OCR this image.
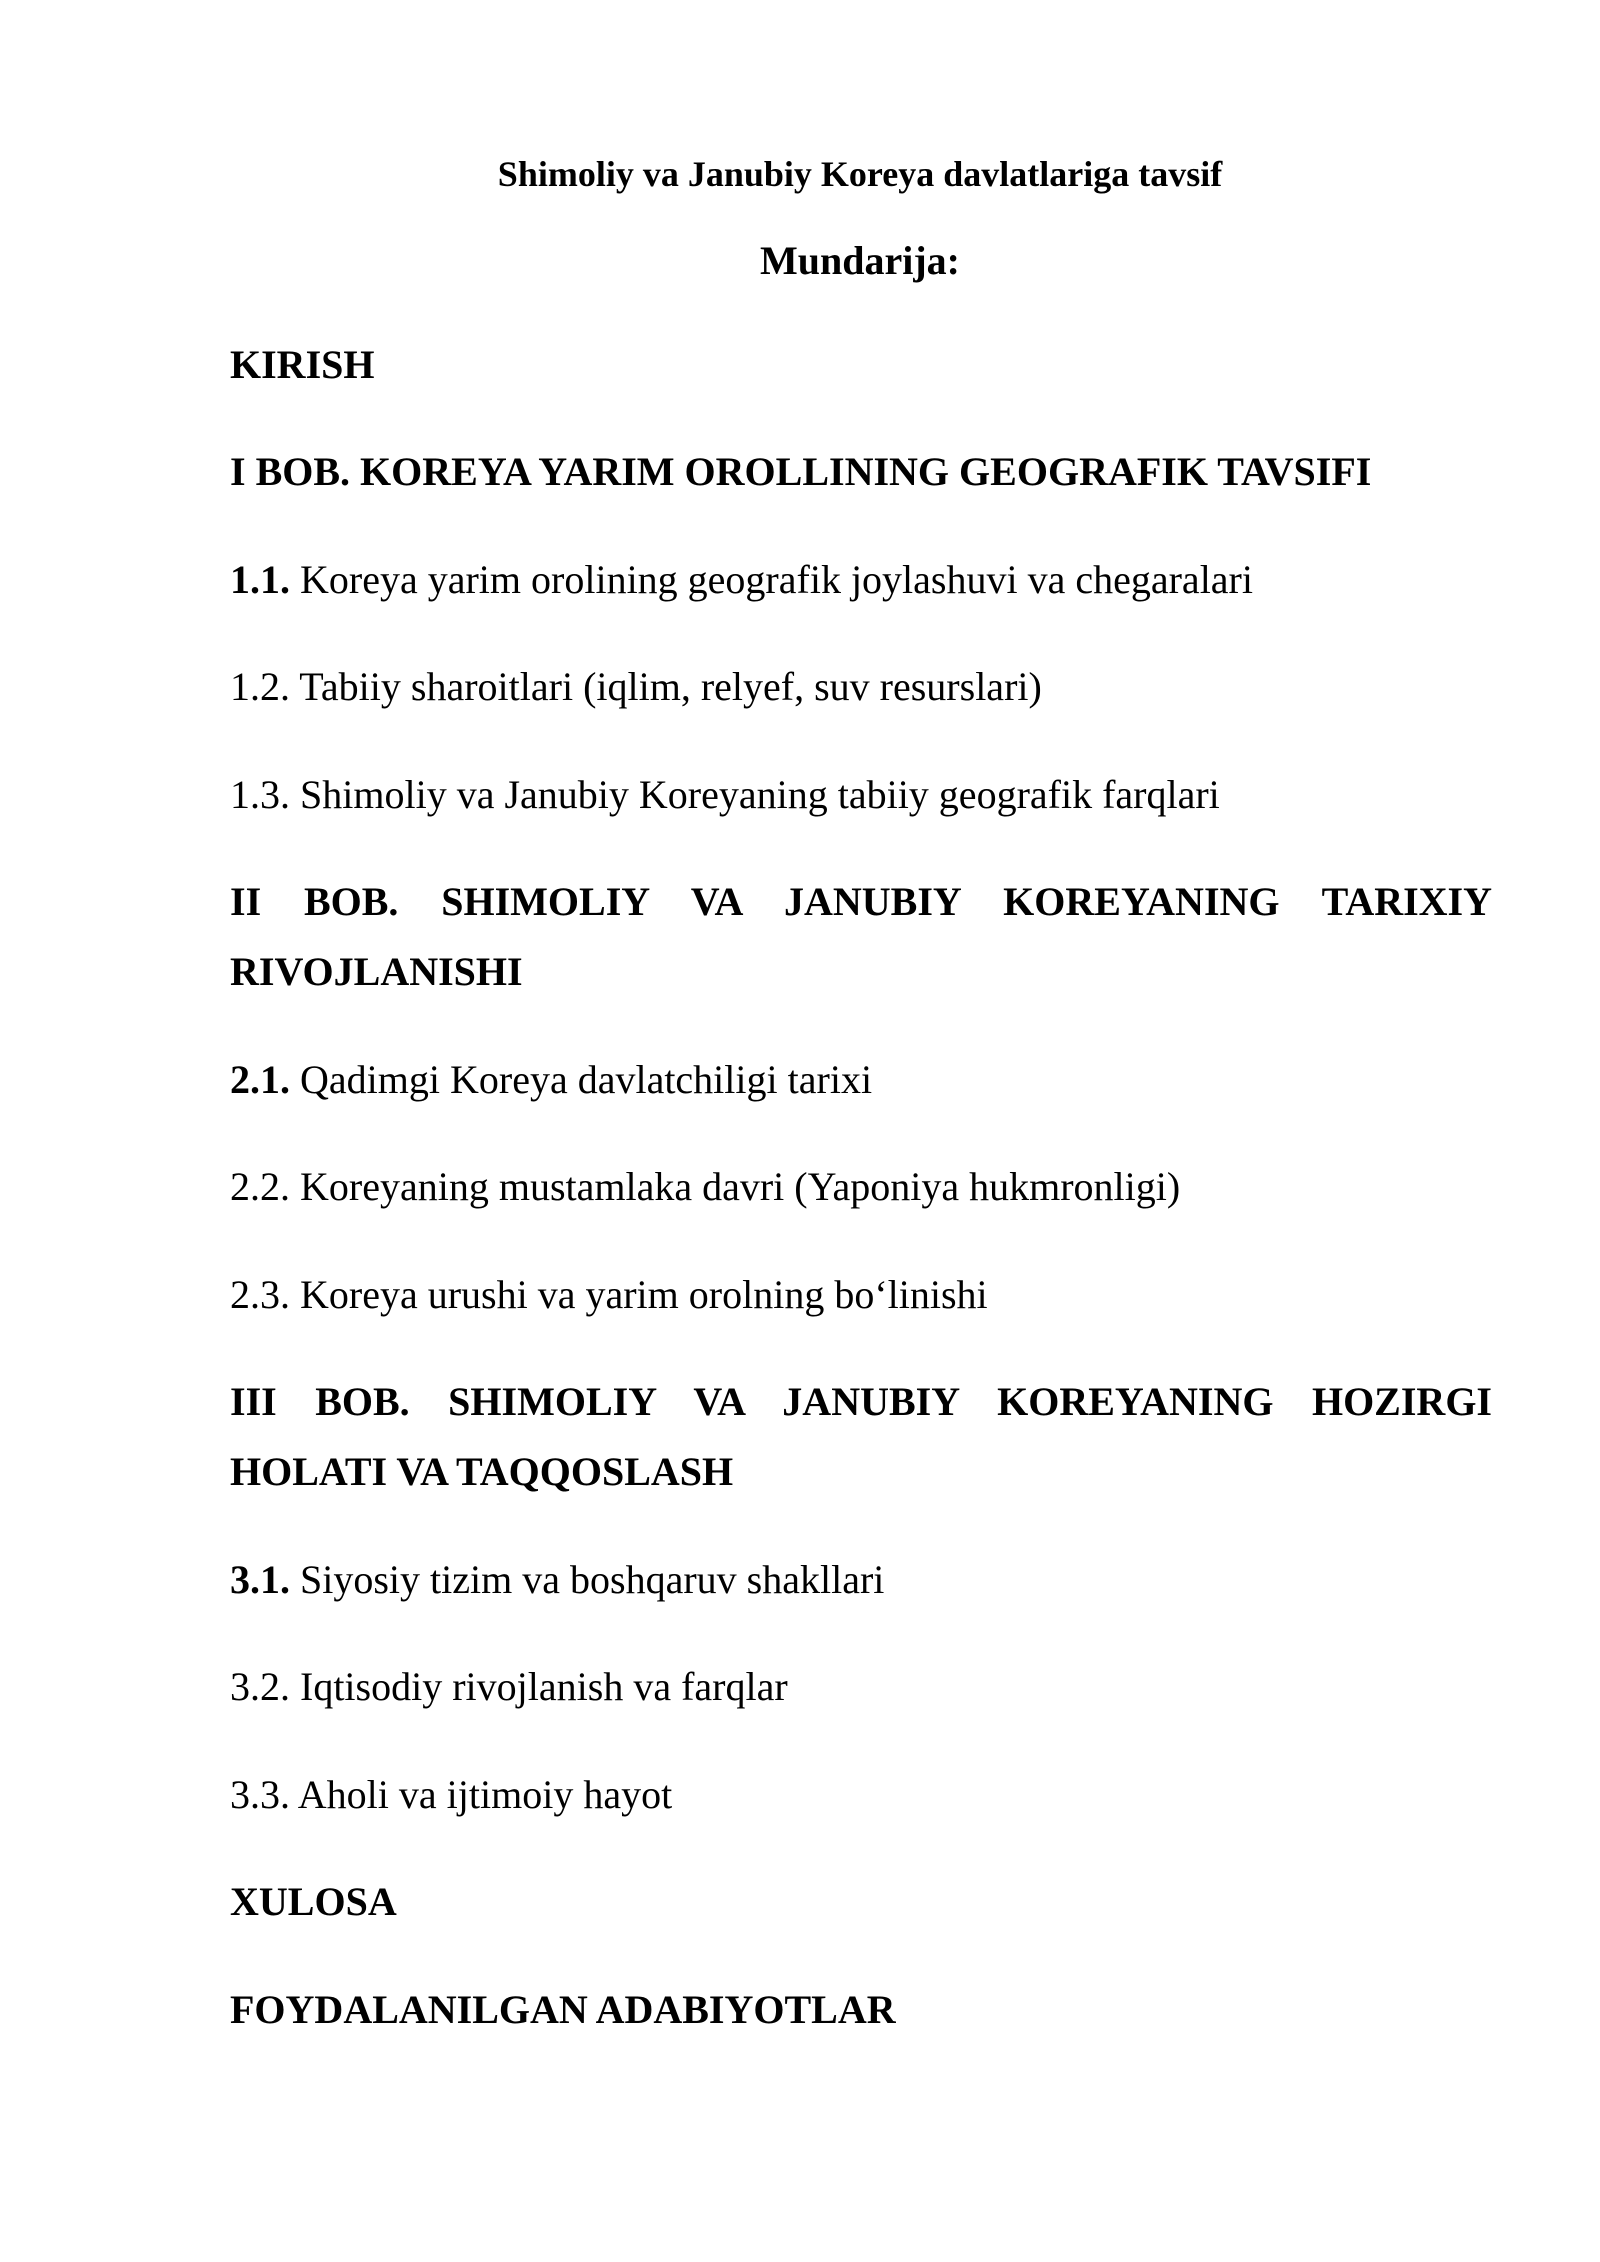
Shimoliy va Janubiy Koreya davlatlariga tavsif
Mundarija:
KIRISH
I BOB. KOREYA YARIM OROLLINING GEOGRAFIK TAVSIFI
1.1. Koreya yarim orolining geografik joylashuvi va chegaralari
1.2. Tabiiy sharoitlari (iqlim, relyef, suv resurslari)
1.3. Shimoliy va Janubiy Koreyaning tabiiy geografik farqlari
II BOB. SHIMOLIY VA JANUBIY KOREYANING TARIXIY
RIVOJLANISHI
2.1. Qadimgi Koreya davlatchiligi tarixi
2.2. Koreyaning mustamlaka davri (Yaponiya hukmronligi)
2.3. Koreya urushi va yarim orolning bo‘linishi
III BOB. SHIMOLIY VA JANUBIY KOREYANING HOZIRGI
HOLATI VA TAQQOSLASH
3.1. Siyosiy tizim va boshqaruv shakllari
3.2. Iqtisodiy rivojlanish va farqlar
3.3. Aholi va ijtimoiy hayot
XULOSA
FOYDALANILGAN ADABIYOTLAR
